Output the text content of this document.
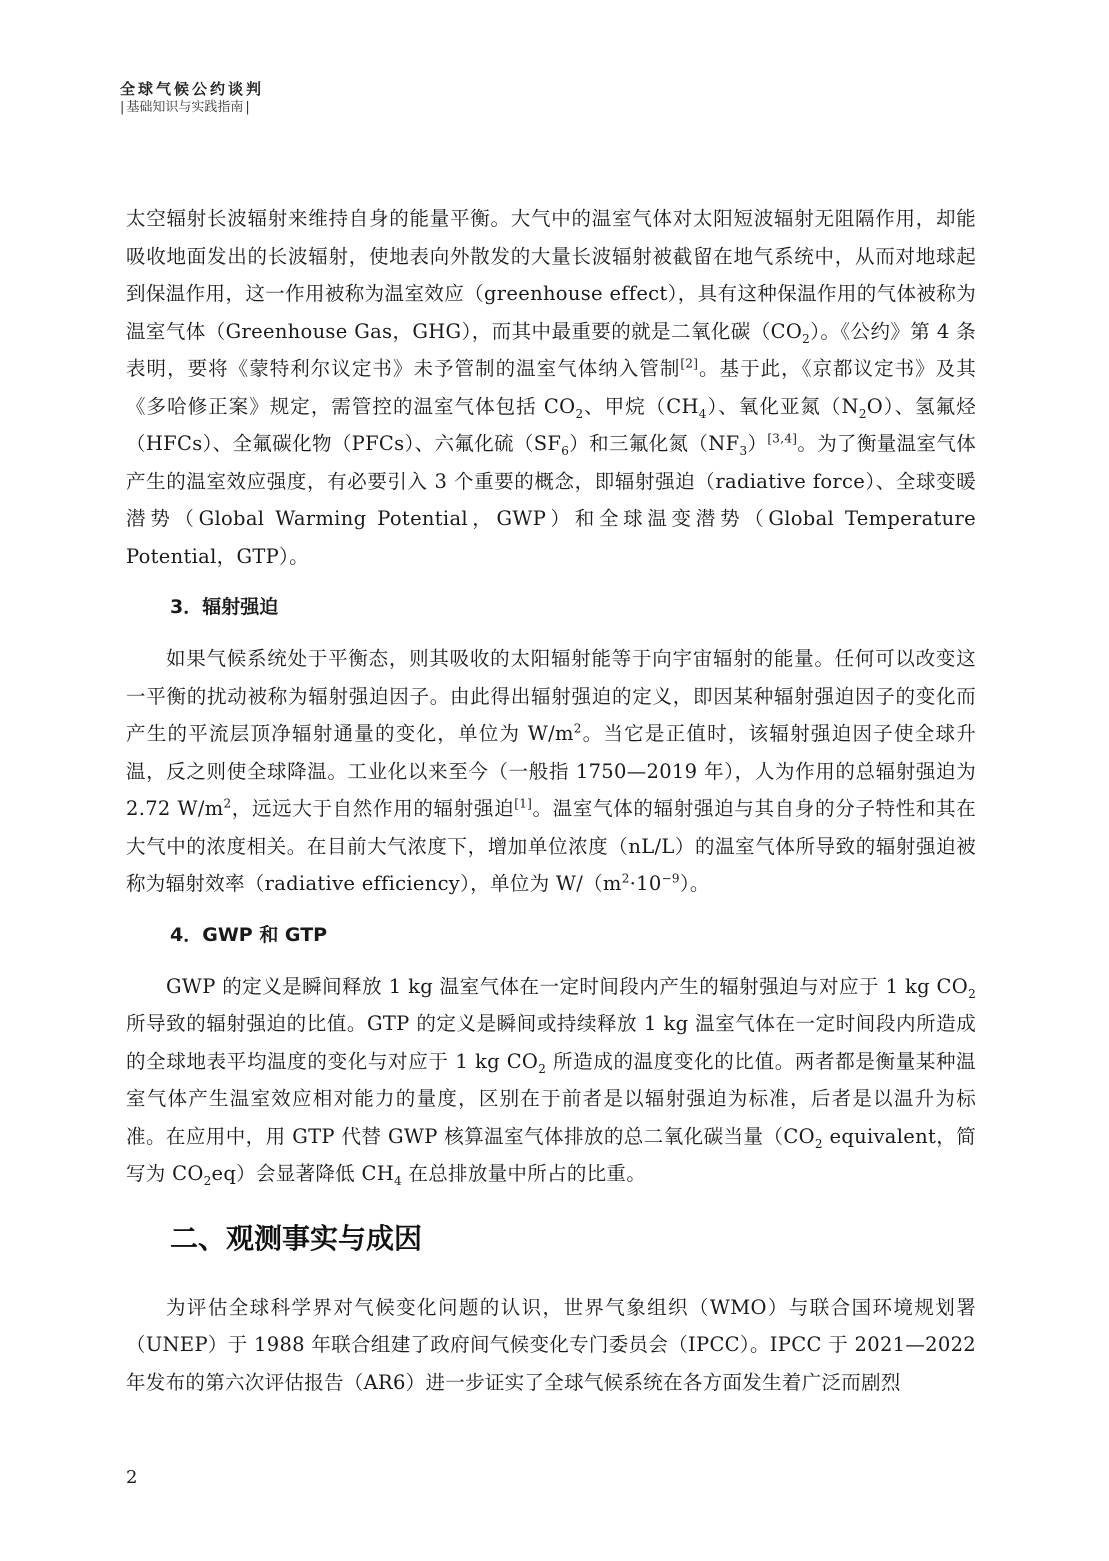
全球气候公约谈判
| 基础知识与实践指南 |

太空辐射长波辐射来维持自身的能量平衡。大气中的温室气体对太阳短波辐射无阻隔作用，却能吸收地面发出的长波辐射，使地表向外散发的大量长波辐射被截留在地气系统中，从而对地球起到保温作用，这一作用被称为温室效应（greenhouse effect），具有这种保温作用的气体被称为温室气体（Greenhouse Gas，GHG），而其中最重要的就是二氧化碳$(CO_2)$。《公约》第 4 条表明，要将《蒙特利尔议定书》未予管制的温室气体纳入管制[2]。基于此，《京都议定书》及其《多哈修正案》规定，需管控的温室气体包括 $CO_2$、甲烷$(CH_4)$、氧化亚氮$(N_2O)$、氢氟烃（HFCs）、全氟碳化物（PFCs）、六氟化硫$(SF_6)$和三氟化氮$(NF_3)[3,4]$。为了衡量温室气体产生的温室效应强度，有必要引入 3 个重要的概念，即辐射强迫（radiative force）、全球变暖潜势（Global Warming Potential，GWP）和全球温变潜势（Global Temperature Potential，GTP）。

3．辐射强迫

如果气候系统处于平衡态，则其吸收的太阳辐射能等于向宇宙辐射的能量。任何可以改变这一平衡的扰动被称为辐射强迫因子。由此得出辐射强迫的定义，即因某种辐射强迫因子的变化而产生的平流层顶净辐射通量的变化，单位为 $W/m^2$。当它是正值时，该辐射强迫因子使全球升温，反之则使全球降温。工业化以来至今（一般指 1750—2019 年），人为作用的总辐射强迫为 2.72 $W/m^2$，远远大于自然作用的辐射强迫[1]。温室气体的辐射强迫与其自身的分子特性和其在大气中的浓度相关。在目前大气浓度下，增加单位浓度（nL/L）的温室气体所导致的辐射强迫被称为辐射效率（radiative efficiency），单位为 $W/(m^2\cdot 10^{-9})$。

4．GWP 和 GTP

GWP 的定义是瞬间释放 1 kg 温室气体在一定时间段内产生的辐射强迫与对应于 1 kg $CO_2$ 所导致的辐射强迫的比值。GTP 的定义是瞬间或持续释放 1 kg 温室气体在一定时间段内所造成的全球地表平均温度的变化与对应于 1 kg $CO_2$ 所造成的温度变化的比值。两者都是衡量某种温室气体产生温室效应相对能力的量度，区别在于前者是以辐射强迫为标准，后者是以温升为标准。在应用中，用 GTP 代替 GWP 核算温室气体排放的总二氧化碳当量（$CO_2$ equivalent，简写为 $CO_2eq$）会显著降低 $CH_4$ 在总排放量中所占的比重。

二、观测事实与成因

为评估全球科学界对气候变化问题的认识，世界气象组织（WMO）与联合国环境规划署（UNEP）于 1988 年联合组建了政府间气候变化专门委员会（IPCC）。IPCC 于 2021—2022 年发布的第六次评估报告（AR6）进一步证实了全球气候系统在各方面发生着广泛而剧烈

2
